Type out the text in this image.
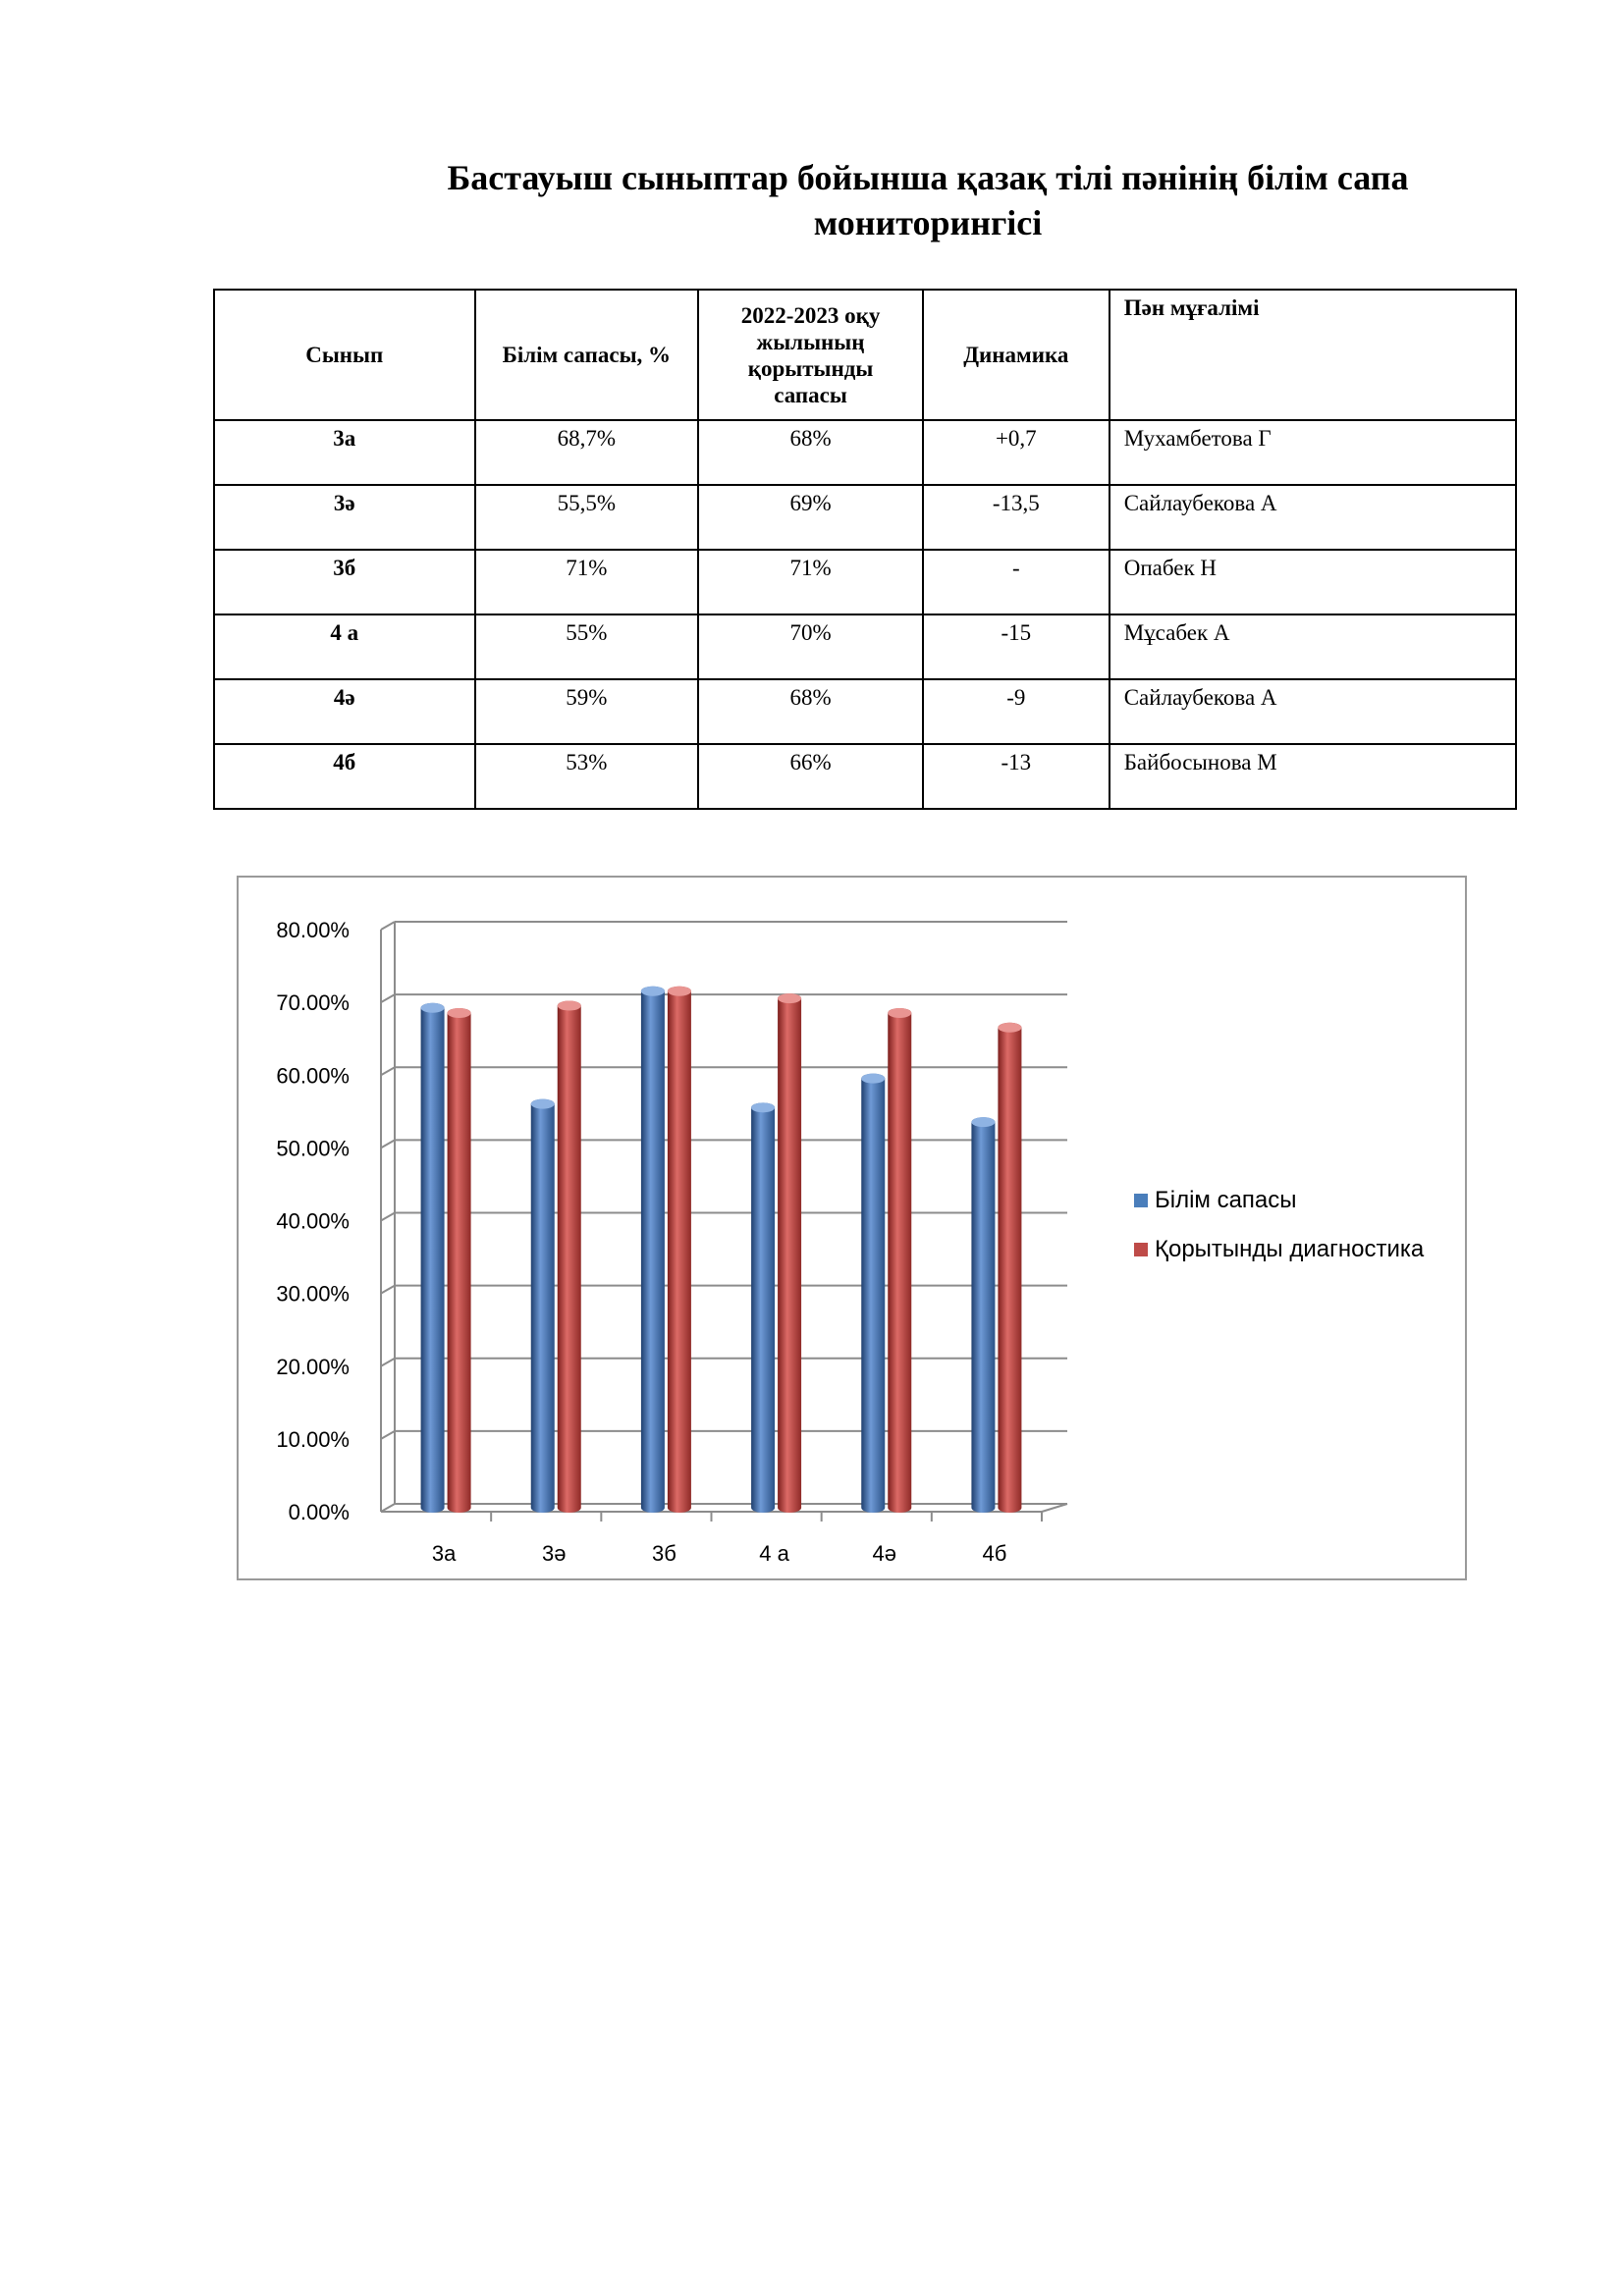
Бастауыш сыныптар бойынша қазақ тілі пәнінің білім сапа мониторингісі
Сынып	Білім сапасы, %	2022-2023 оқу жылының қорытынды сапасы	Динамика	Пән мұғалімі
3а	68,7%	68%	+0,7	Мухамбетова Г
3ә	55,5%	69%	-13,5	Сайлаубекова А
3б	71%	71%	-	Опабек Н
4 а	55%	70%	-15	Мұсабек А
4ә	59%	68%	-9	Сайлаубекова А
4б	53%	66%	-13	Байбосынова М
0.00%
10.00%
20.00%
30.00%
40.00%
50.00%
60.00%
70.00%
80.00%
3а	3ә	3б	4 а	4ә	4б
Білім сапасы
Қорытынды диагностика
